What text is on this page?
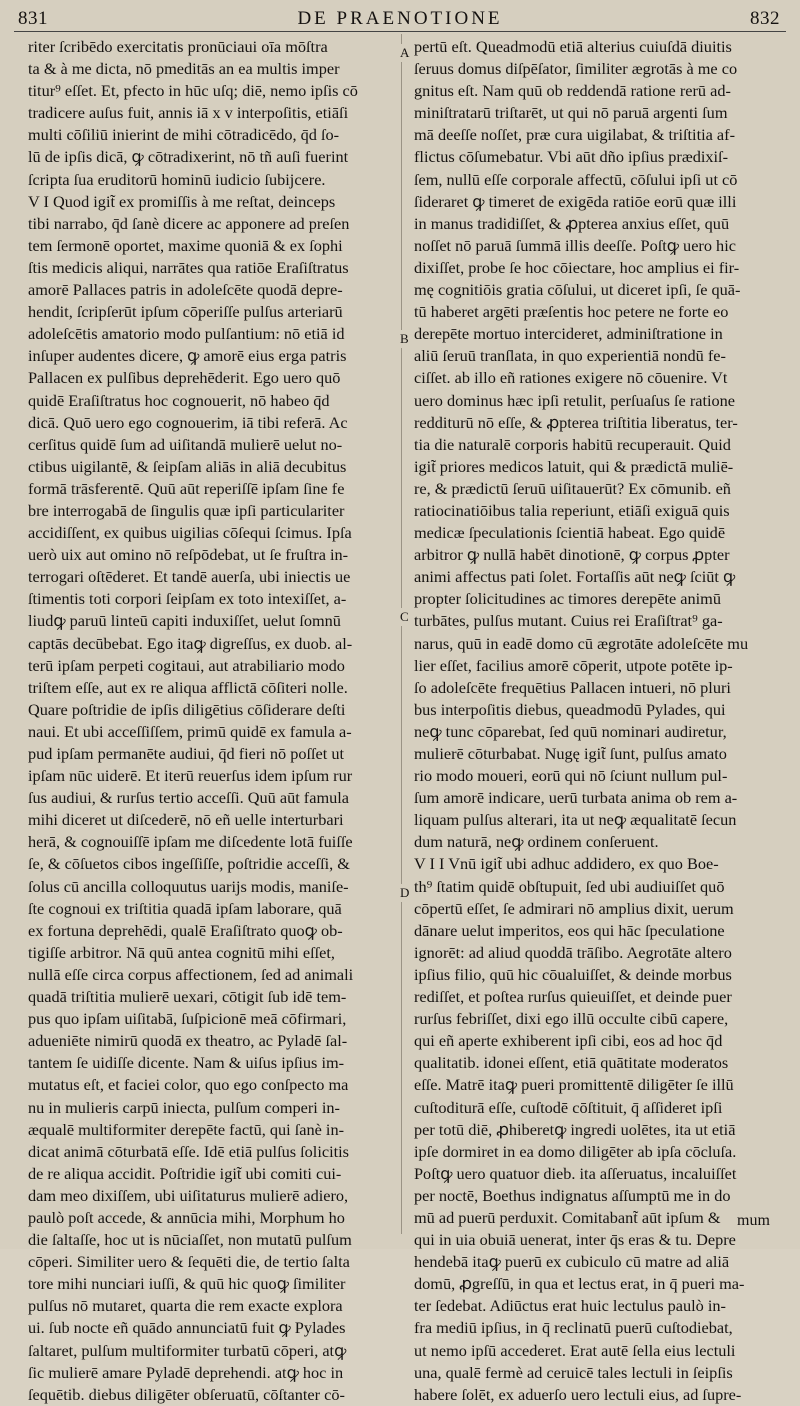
831	DE PRAENOTIONE	832
A
B
C
D
riter ſcribēdo exercitatis pronūciaui oīa mōſtra
ta & à me dicta, nō pmeditās an ea multis imper
titur⁹ eſſet. Et, pfecto in hūc uſq; diē, nemo ipſis cō
tradicere auſus fuit, annis iā x v interpoſitis, etiāſi
multi cōſiliū inierint de mihi cōtradicēdo, q̄d ſo-
lū de ipſis dicā, ꝙ cōtradixerint, nō tñ auſi fuerint
ſcripta ſua eruditorū hominū iudicio ſubijcere.
V I Quod igit̃ ex promiſſis à me reſtat, deinceps
tibi narrabo, q̄d ſanè dicere ac apponere ad preſen
tem ſermonē oportet, maxime quoniā & ex ſophi
ſtis medicis aliqui, narrātes qua ratiōe Eraſiſtratus
amorē Pallaces patris in adoleſcēte quodā depre-
hendit, ſcripſerūt ipſum cōperiſſe pulſus arteriarū
adoleſcētis amatorio modo pulſantium: nō etiā id
inſuper audentes dicere, ꝙ amorē eius erga patris
Pallacen ex pulſibus deprehēderit. Ego uero quō
quidē Eraſiſtratus hoc cognouerit, nō habeo q̄d
dicā. Quō uero ego cognouerim, iā tibi referā. Ac
cerſitus quidē ſum ad uiſitandā mulierē uelut no-
ctibus uigilantē, & ſeipſam aliās in aliā decubitus
formā trāsferentē. Quū aūt reperiſſē ipſam ſine fe
bre interrogabā de ſingulis quæ ipſi particulariter
accidiſſent, ex quibus uigilias cōſequi ſcimus. Ipſa
uerò uix aut omino nō reſpōdebat, ut ſe fruſtra in-
terrogari oſtēderet. Et tandē auerſa, ubi iniectis ue
ſtimentis toti corpori ſeipſam ex toto intexiſſet, a-
liudꝙ paruū linteū capiti induxiſſet, uelut ſomnū
captās decūbebat. Ego itaꝙ digreſſus, ex duob. al-
terū ipſam perpeti cogitaui, aut atrabiliario modo
triſtem eſſe, aut ex re aliqua afflictā cōſiteri nolle.
Quare poſtridie de ipſis diligētius cōſiderare deſti
naui. Et ubi acceſſiſſem, primū quidē ex famula a-
pud ipſam permanēte audiui, q̄d fieri nō poſſet ut
ipſam nūc uiderē. Et iterū reuerſus idem ipſum rur
ſus audiui, & rurſus tertio acceſſi. Quū aūt famula
mihi diceret ut diſcederē, nō eñ uelle interturbari
herā, & cognouiſſē ipſam me diſcedente lotā fuiſſe
ſe, & cōſuetos cibos ingeſſiſſe, poſtridie acceſſi, &
ſolus cū ancilla colloquutus uarijs modis, maniſe-
ſte cognoui ex triſtitia quadā ipſam laborare, quā
ex fortuna deprehēdi, qualē Eraſiſtrato quoꝙ ob-
tigiſſe arbitror. Nā quū antea cognitū mihi eſſet,
nullā eſſe circa corpus affectionem, ſed ad animali
quadā triſtitia mulierē uexari, cōtigit ſub idē tem-
pus quo ipſam uiſitabā, ſuſpicionē meā cōfirmari,
adueniēte nimirū quodā ex theatro, ac Pyladē ſal-
tantem ſe uidiſſe dicente. Nam & uiſus ipſius im-
mutatus eſt, et faciei color, quo ego conſpecto ma
nu in mulieris carpū iniecta, pulſum comperi in-
æqualē multiformiter derepēte factū, qui ſanè in-
dicat animā cōturbatā eſſe. Idē etiā pulſus ſolicitis
de re aliqua accidit. Poſtridie igit̃ ubi comiti cui-
dam meo dixiſſem, ubi uiſitaturus mulierē adiero,
paulò poſt accede, & annūcia mihi, Morphum ho
die ſaltaſſe, hoc ut is nūciaſſet, non mutatū pulſum
cōperi. Similiter uero & ſequēti die, de tertio ſalta
tore mihi nunciari iuſſi, & quū hic quoꝙ ſimiliter
pulſus nō mutaret, quarta die rem exacte explora
ui. ſub nocte eñ quādo annunciatū fuit ꝙ Pylades
ſaltaret, pulſum multiformiter turbatū cōperi, atꝙ
ſic mulierē amare Pyladē deprehendi. atꝙ hoc in
ſequētib. diebus diligēter obſeruatū, cōſtanter cō-
pertū eſt. Queadmodū etiā alterius cuiuſdā diuitis
ſeruus domus diſpēſator, ſimiliter ægrotās à me co
gnitus eſt. Nam quū ob reddendā ratione rerū ad-
miniſtratarū triſtarēt, ut qui nō paruā argenti ſum
mā deeſſe noſſet, præ cura uigilabat, & triſtitia af-
flictus cōſumebatur. Vbi aūt dño ipſius prædixiſ-
ſem, nullū eſſe corporale affectū, cōſului ipſi ut cō
ſideraret ꝙ timeret de exigēda ratiōe eorū quæ illi
in manus tradidiſſet, & ꝓpterea anxius eſſet, quū
noſſet nō paruā ſummā illis deeſſe. Poſtꝙ uero hic
dixiſſet, probe ſe hoc cōiectare, hoc amplius ei fir-
mę cognitiōis gratia cōſului, ut diceret ipſi, ſe quā-
tū haberet argēti præſentis hoc petere ne forte eo
derepēte mortuo intercideret, adminiſtratione in
aliū ſeruū tranſlata, in quo experientiā nondū fe-
ciſſet. ab illo eñ rationes exigere nō cōuenire. Vt
uero dominus hæc ipſi retulit, perſuaſus ſe ratione
redditurū nō eſſe, & ꝓpterea triſtitia liberatus, ter-
tia die naturalē corporis habitū recuperauit. Quid
igit̃ priores medicos latuit, qui & prædictā muliē-
re, & prædictū ſeruū uiſitauerūt? Ex cōmunib. eñ
ratiocinatiōibus talia reperiunt, etiāſi exiguā quis
medicæ ſpeculationis ſcientiā habeat. Ego quidē
arbitror ꝙ nullā habēt dinotionē, ꝙ corpus ꝓpter
animi affectus pati ſolet. Fortaſſis aūt neꝙ ſciūt ꝙ
propter ſolicitudines ac timores derepēte animū
turbātes, pulſus mutant. Cuius rei Eraſiſtrat⁹ ga-
narus, quū in eadē domo cū ægrotāte adoleſcēte mu
lier eſſet, facilius amorē cōperit, utpote potēte ip-
ſo adoleſcēte frequētius Pallacen intueri, nō pluri
bus interpoſitis diebus, queadmodū Pylades, qui
neꝙ tunc cōparebat, ſed quū nominari audiretur,
mulierē cōturbabat. Nugę igit̃ ſunt, pulſus amato
rio modo moueri, eorū qui nō ſciunt nullum pul-
ſum amorē indicare, uerū turbata anima ob rem a-
liquam pulſus alterari, ita ut neꝙ æqualitatē ſecun
dum naturā, neꝙ ordinem conſeruent.
V I I Vnū igit̃ ubi adhuc addidero, ex quo Boe-
th⁹ ſtatim quidē obſtupuit, ſed ubi audiuiſſet quō
cōpertū eſſet, ſe admirari nō amplius dixit, uerum
dānare uelut imperitos, eos qui hāc ſpeculatione
ignorēt: ad aliud quoddā trāſibo. Aegrotāte altero
ipſius filio, quū hic cōualuiſſet, & deinde morbus
rediſſet, et poſtea rurſus quieuiſſet, et deinde puer
rurſus febriſſet, dixi ego illū occulte cibū capere,
qui eñ aperte exhiberent ipſi cibi, eos ad hoc q̄d
qualitatib. idonei eſſent, etiā quātitate moderatos
eſſe. Matrē itaꝙ pueri promittentē diligēter ſe illū
cuſtoditurā eſſe, cuſtodē cōſtituit, q̄ aſſideret ipſi
per totū diē, ꝓhiberetꝙ ingredi uolētes, ita ut etiā
ipſe dormiret in ea domo diligēter ab ipſa cōcluſa.
Poſtꝙ uero quatuor dieb. ita aſſeruatus, incaluiſſet
per noctē, Boethus indignatus aſſumptū me in do
mū ad puerū perduxit. Comitabant̃ aūt ipſum &
qui in uia obuiā uenerat, inter q̄s eras & tu. Depre
hendebā itaꝙ puerū ex cubiculo cū matre ad aliā
domū, ꝓgreſſū, in qua et lectus erat, in q̄ pueri ma-
ter ſedebat. Adiūctus erat huic lectulus paulò in-
fra mediū ipſius, in q̄ reclinatū puerū cuſtodiebat,
ut nemo ipſū accederet. Erat autē ſella eius lectuli
una, qualē fermè ad ceruicē tales lectuli in ſeipſis
habere ſolēt, ex aduerſo uero lectuli eius, ad ſupre-
mum
